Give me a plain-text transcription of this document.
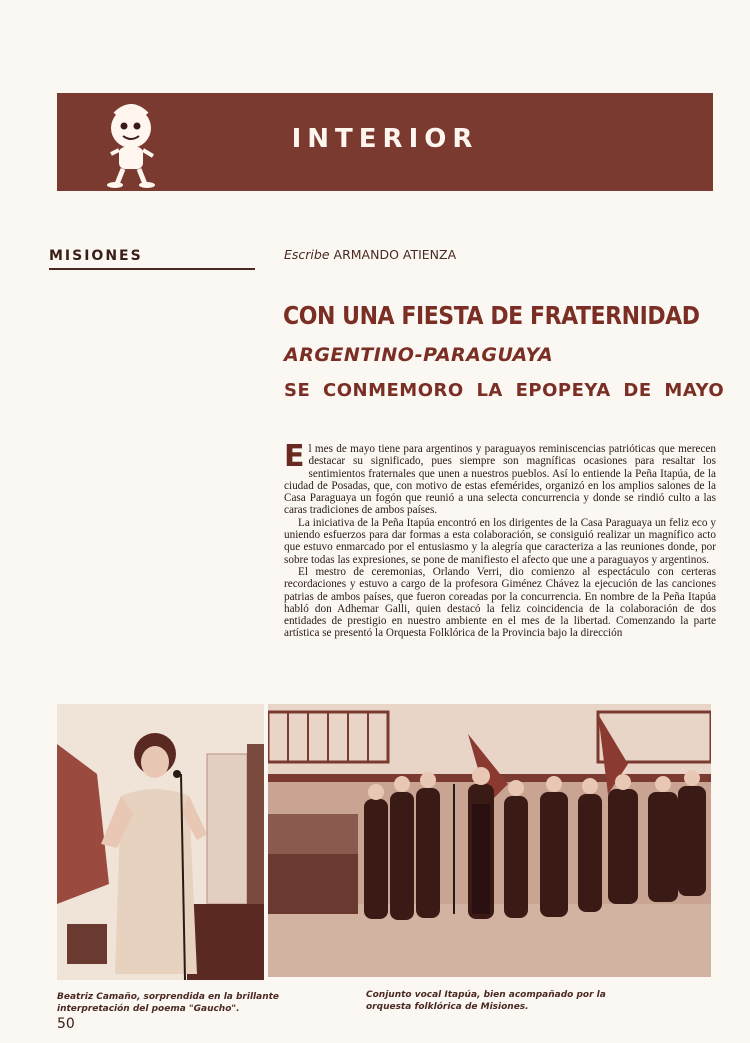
INTERIOR
MISIONES	Escribe ARMANDO ATIENZA
CON UNA FIESTA DE FRATERNIDAD
ARGENTINO-PARAGUAYA
SE CONMEMORO LA EPOPEYA DE MAYO

El mes de mayo tiene para argentinos y paraguayos reminiscencias patrióticas que merecen destacar su significado, pues siempre son magníficas ocasiones para resaltar los sentimientos fraternales que unen a nuestros pueblos. Así lo entiende la Peña Itapúa, de la ciudad de Posadas, que, con motivo de estas efemérides, organizó en los amplios salones de la Casa Paraguaya un fogón que reunió a una selecta concurrencia y donde se rindió culto a las caras tradiciones de ambos países.

La iniciativa de la Peña Itapúa encontró en los dirigentes de la Casa Paraguaya un feliz eco y uniendo esfuerzos para dar formas a esta colaboración, se consiguió realizar un magnífico acto que estuvo enmarcado por el entusiasmo y la alegría que caracteriza a las reuniones donde, por sobre todas las expresiones, se pone de manifiesto el afecto que une a paraguayos y argentinos.

El mestro de ceremonias, Orlando Verri, dio comienzo al espectáculo con certeras recordaciones y estuvo a cargo de la profesora Giménez Chávez la ejecución de las canciones patrias de ambos países, que fueron coreadas por la concurrencia. En nombre de la Peña Itapúa habló don Adhemar Galli, quien destacó la feliz coincidencia de la colaboración de dos entidades de prestigio en nuestro ambiente en el mes de la libertad. Comenzando la parte artística se presentó la Orquesta Folklórica de la Provincia bajo la dirección

Beatriz Camaño, sorprendida en la brillante interpretación del poema "Gaucho".
Conjunto vocal Itapúa, bien acompañado por la orquesta folklórica de Misiones.
50
